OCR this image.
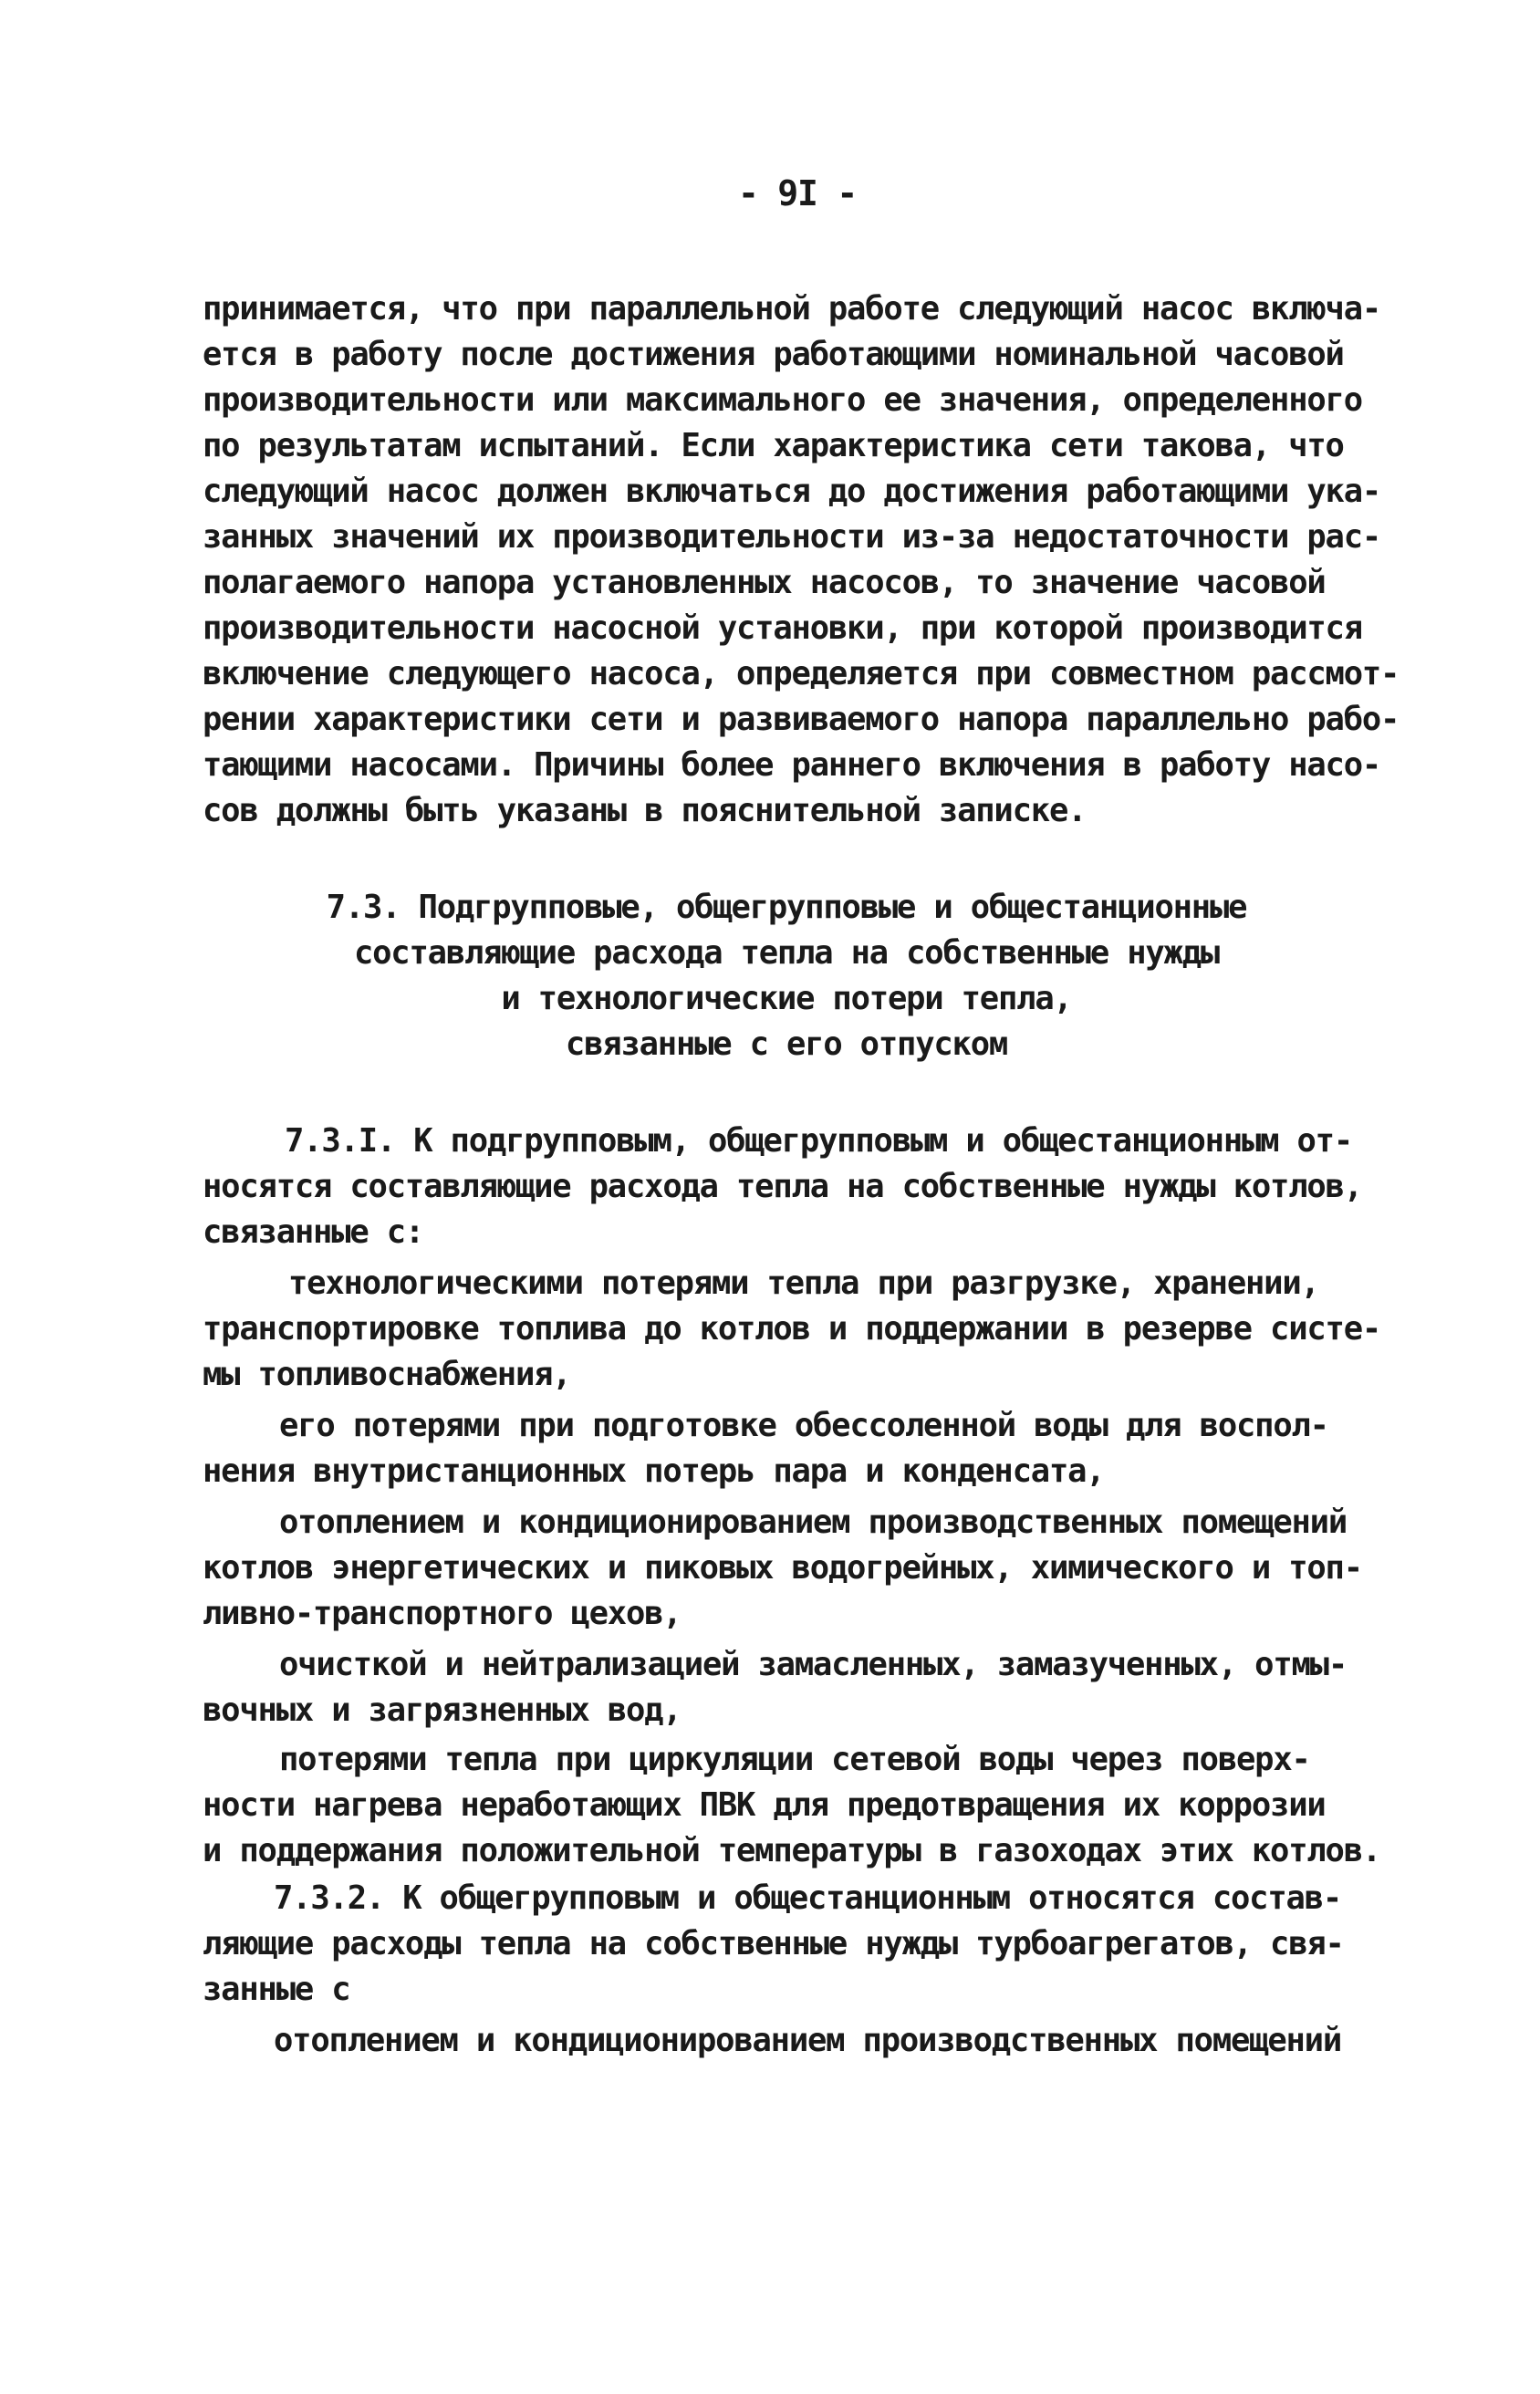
- 9I -

принимается, что при параллельной работе следующий насос включа-

ется в работу после достижения работающими номинальной часовой

производительности или максимального ее значения, определенного

по результатам испытаний. Если характеристика сети такова, что

следующий насос должен включаться до достижения работающими ука-

занных значений их производительности из-за недостаточности рас-

полагаемого напора установленных насосов, то значение часовой

производительности насосной установки, при которой производится

включение следующего насоса, определяется при совместном рассмот-

рении характеристики сети и развиваемого напора параллельно рабо-

тающими насосами. Причины более раннего включения в работу насо-

сов должны быть указаны в пояснительной записке.

7.3. Подгрупповые, общегрупповые и общестанционные

составляющие расхода тепла на собственные нужды

и технологические потери тепла,

связанные с его отпуском

7.3.I. К подгрупповым, общегрупповым и общестанционным от-

носятся составляющие расхода тепла на собственные нужды котлов,

связанные с:

технологическими потерями тепла при разгрузке, хранении,

транспортировке топлива до котлов и поддержании в резерве систе-

мы топливоснабжения,

его потерями при подготовке обессоленной воды для воспол-

нения внутристанционных потерь пара и конденсата,

отоплением и кондиционированием производственных помещений

котлов энергетических и пиковых водогрейных, химического и топ-

ливно-транспортного цехов,

очисткой и нейтрализацией замасленных, замазученных, отмы-

вочных и загрязненных вод,

потерями тепла при циркуляции сетевой воды через поверх-

ности нагрева неработающих ПВК для предотвращения их коррозии

и поддержания положительной температуры в газоходах этих котлов.

7.3.2. К общегрупповым и общестанционным относятся состав-

ляющие расходы тепла на собственные нужды турбоагрегатов, свя-

занные с

отоплением и кондиционированием производственных помещений
